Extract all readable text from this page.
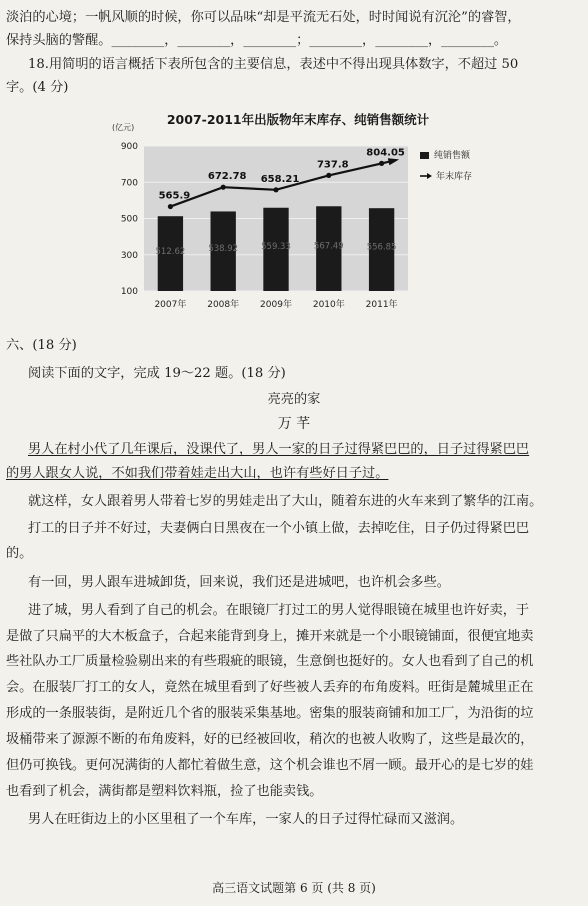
淡泊的心境；一帆风顺的时候，你可以品味“却是平流无石处，时时闻说有沉沦”的睿智，
保持头脑的警醒。________，________，________；________，________，________。
18.用简明的语言概括下表所包含的主要信息，表述中不得出现具体数字，不超过 50
字。(4 分)
2007-2011年出版物年末库存、纯销售额统计
(亿元)
900
700
500
300
100
512.62	538.92	559.33	567.49	556.85
565.9
672.78 658.21
737.8
804.05
2007年 2008年 2009年 2010年 2011年
纯销售额
年末库存
六、(18 分)
阅读下面的文字，完成 19～22 题。(18 分)
亮亮的家
万 芊
男人在村小代了几年课后，没课代了，男人一家的日子过得紧巴巴的，日子过得紧巴巴
的男人跟女人说，不如我们带着娃走出大山，也许有些好日子过。
就这样，女人跟着男人带着七岁的男娃走出了大山，随着东进的火车来到了繁华的江南。
打工的日子并不好过，夫妻俩白日黑夜在一个小镇上做，去掉吃住，日子仍过得紧巴巴
的。
有一回，男人跟车进城卸货，回来说，我们还是进城吧，也许机会多些。
进了城，男人看到了自己的机会。在眼镜厂打过工的男人觉得眼镜在城里也许好卖，于
是做了只扁平的大木板盒子，合起来能背到身上，摊开来就是一个小眼镜铺面，很便宜地卖
些社队办工厂质量检验剔出来的有些瑕疵的眼镜，生意倒也挺好的。女人也看到了自己的机
会。在服装厂打工的女人，竟然在城里看到了好些被人丢弃的布角废料。旺街是麓城里正在
形成的一条服装街，是附近几个省的服装采集基地。密集的服装商铺和加工厂，为沿街的垃
圾桶带来了源源不断的布角废料，好的已经被回收，稍次的也被人收购了，这些是最次的，
但仍可换钱。更何况满街的人都忙着做生意，这个机会谁也不屑一顾。最开心的是七岁的娃
也看到了机会，满街都是塑料饮料瓶，捡了也能卖钱。
男人在旺街边上的小区里租了一个车库，一家人的日子过得忙碌而又滋润。
高三语文试题第 6 页 (共 8 页)
